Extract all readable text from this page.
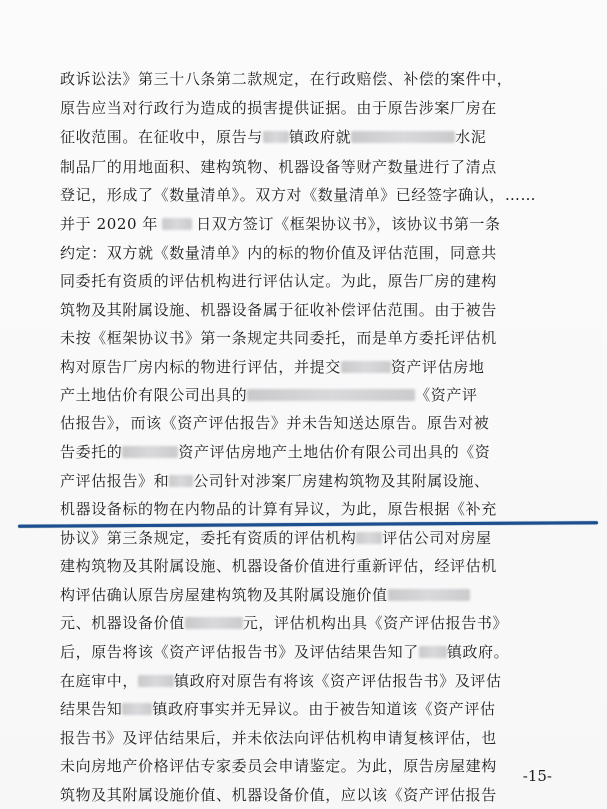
政诉讼法》第三十八条第二款规定，在行政赔偿、补偿的案件中，
原告应当对行政行为造成的损害提供证据。由于原告涉案厂房在
征收范围。在征收中，原告与 镇政府就	水泥
制品厂的用地面积、建构筑物、机器设备等财产数量进行了清点
登记，形成了《数量清单》。双方对《数量清单》已经签字确认，……
并于 2020 年	日双方签订《框架协议书》，该协议书第一条
约定：双方就《数量清单》内的标的物价值及评估范围，同意共
同委托有资质的评估机构进行评估认定。为此，原告厂房的建构
筑物及其附属设施、机器设备属于征收补偿评估范围。由于被告
未按《框架协议书》第一条规定共同委托，而是单方委托评估机
构对原告厂房内标的物进行评估，并提交	资产评估房地
产土地估价有限公司出具的	《资产评
估报告》，而该《资产评估报告》并未告知送达原告。原告对被
告委托的	资产评估房地产土地估价有限公司出具的《资
产评估报告》和 公司针对涉案厂房建构筑物及其附属设施、
机器设备标的物在内物品的计算有异议，为此，原告根据《补充
协议》第三条规定，委托有资质的评估机构 评估公司对房屋
建构筑物及其附属设施、机器设备价值进行重新评估，经评估机
构评估确认原告房屋建构筑物及其附属设施价值
元、机器设备价值	元，评估机构出具《资产评估报告书》
后，原告将该《资产评估报告书》及评估结果告知了 镇政府。
在庭审中， 镇政府对原告有将该《资产评估报告书》及评估
结果告知 镇政府事实并无异议。由于被告知道该《资产评估
报告书》及评估结果后，并未依法向评估机构申请复核评估，也
未向房地产价格评估专家委员会申请鉴定。为此，原告房屋建构
筑物及其附属设施价值、机器设备价值，应以该《资产评估报告
-15-
